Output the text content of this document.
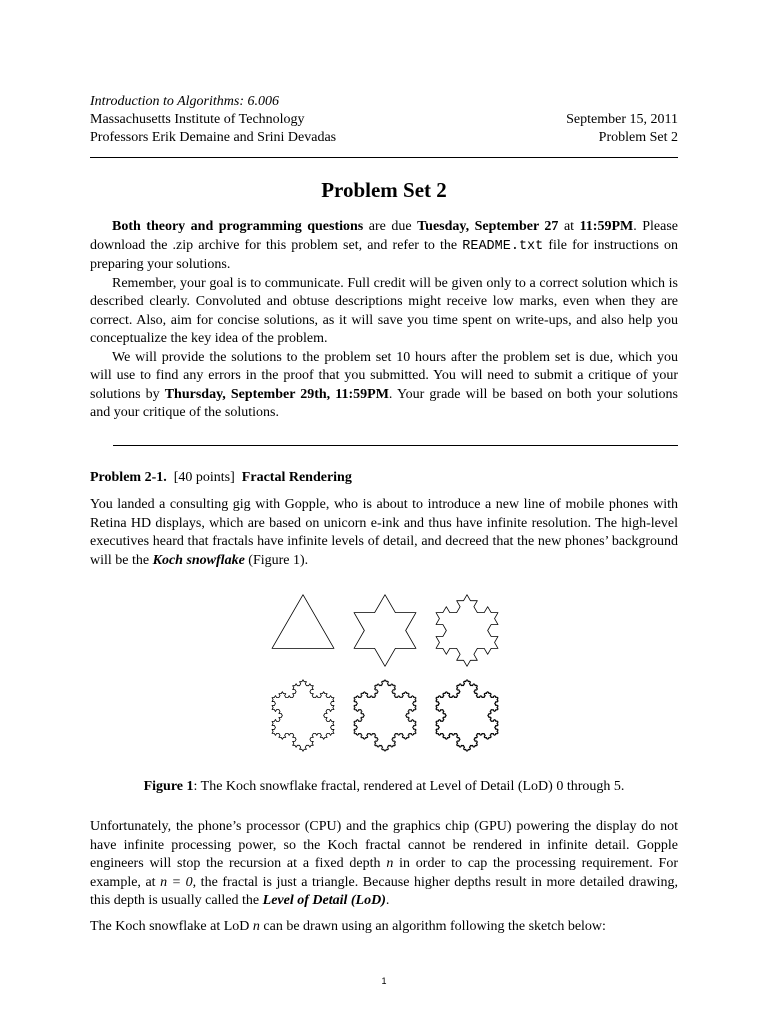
Introduction to Algorithms: 6.006
Massachusetts Institute of Technology	September 15, 2011
Professors Erik Demaine and Srini Devadas	Problem Set 2
Problem Set 2

Both theory and programming questions are due Tuesday, September 27 at 11:59PM. Please download the .zip archive for this problem set, and refer to the README.txt file for instructions on preparing your solutions.

Remember, your goal is to communicate. Full credit will be given only to a correct solution which is described clearly. Convoluted and obtuse descriptions might receive low marks, even when they are correct. Also, aim for concise solutions, as it will save you time spent on write-ups, and also help you conceptualize the key idea of the problem.

We will provide the solutions to the problem set 10 hours after the problem set is due, which you will use to find any errors in the proof that you submitted. You will need to submit a critique of your solutions by Thursday, September 29th, 11:59PM. Your grade will be based on both your solutions and your critique of the solutions.

Problem 2-1. [40 points] Fractal Rendering

You landed a consulting gig with Gopple, who is about to introduce a new line of mobile phones with Retina HD displays, which are based on unicorn e-ink and thus have infinite resolution. The high-level executives heard that fractals have infinite levels of detail, and decreed that the new phones’ background will be the Koch snowflake (Figure 1).

Figure 1: The Koch snowflake fractal, rendered at Level of Detail (LoD) 0 through 5.

Unfortunately, the phone’s processor (CPU) and the graphics chip (GPU) powering the display do not have infinite processing power, so the Koch fractal cannot be rendered in infinite detail. Gopple engineers will stop the recursion at a fixed depth n in order to cap the processing requirement. For example, at n = 0, the fractal is just a triangle. Because higher depths result in more detailed drawing, this depth is usually called the Level of Detail (LoD).

The Koch snowflake at LoD n can be drawn using an algorithm following the sketch below:

1
